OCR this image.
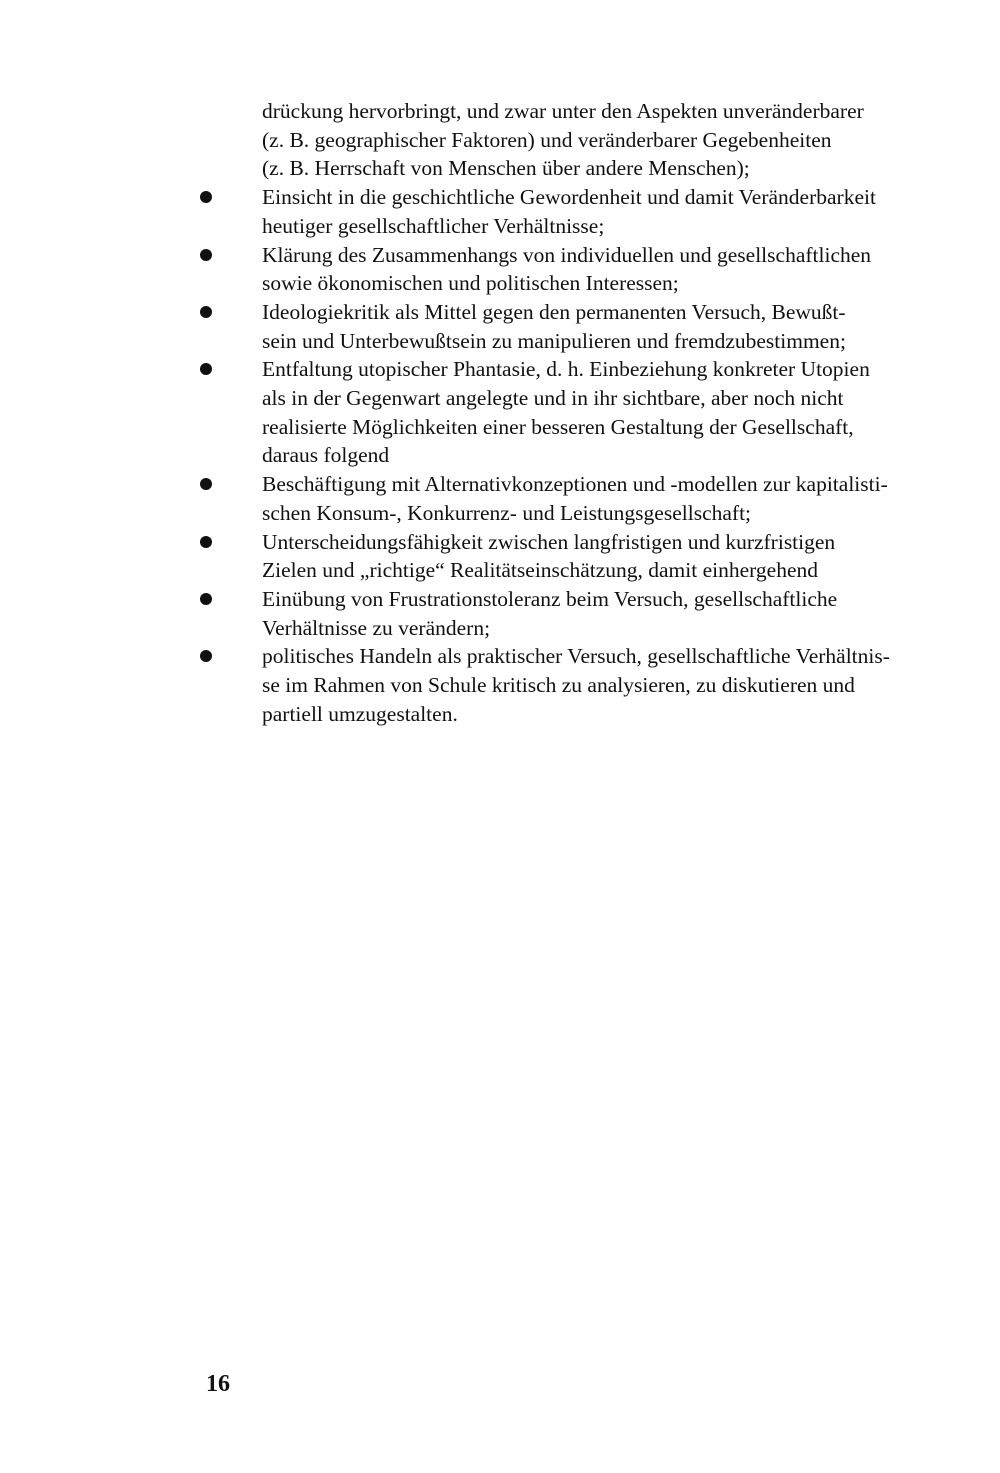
drückung hervorbringt, und zwar unter den Aspekten unveränderbarer
(z. B. geographischer Faktoren) und veränderbarer Gegebenheiten
(z. B. Herrschaft von Menschen über andere Menschen);
Einsicht in die geschichtliche Gewordenheit und damit Veränderbarkeit
heutiger gesellschaftlicher Verhältnisse;
Klärung des Zusammenhangs von individuellen und gesellschaftlichen
sowie ökonomischen und politischen Interessen;
Ideologiekritik als Mittel gegen den permanenten Versuch, Bewußt-
sein und Unterbewußtsein zu manipulieren und fremdzubestimmen;
Entfaltung utopischer Phantasie, d. h. Einbeziehung konkreter Utopien
als in der Gegenwart angelegte und in ihr sichtbare, aber noch nicht
realisierte Möglichkeiten einer besseren Gestaltung der Gesellschaft,
daraus folgend
Beschäftigung mit Alternativkonzeptionen und -modellen zur kapitalisti-
schen Konsum-, Konkurrenz- und Leistungsgesellschaft;
Unterscheidungsfähigkeit zwischen langfristigen und kurzfristigen
Zielen und „richtige“ Realitätseinschätzung, damit einhergehend
Einübung von Frustrationstoleranz beim Versuch, gesellschaftliche
Verhältnisse zu verändern;
politisches Handeln als praktischer Versuch, gesellschaftliche Verhältnis-
se im Rahmen von Schule kritisch zu analysieren, zu diskutieren und
partiell umzugestalten.
16
